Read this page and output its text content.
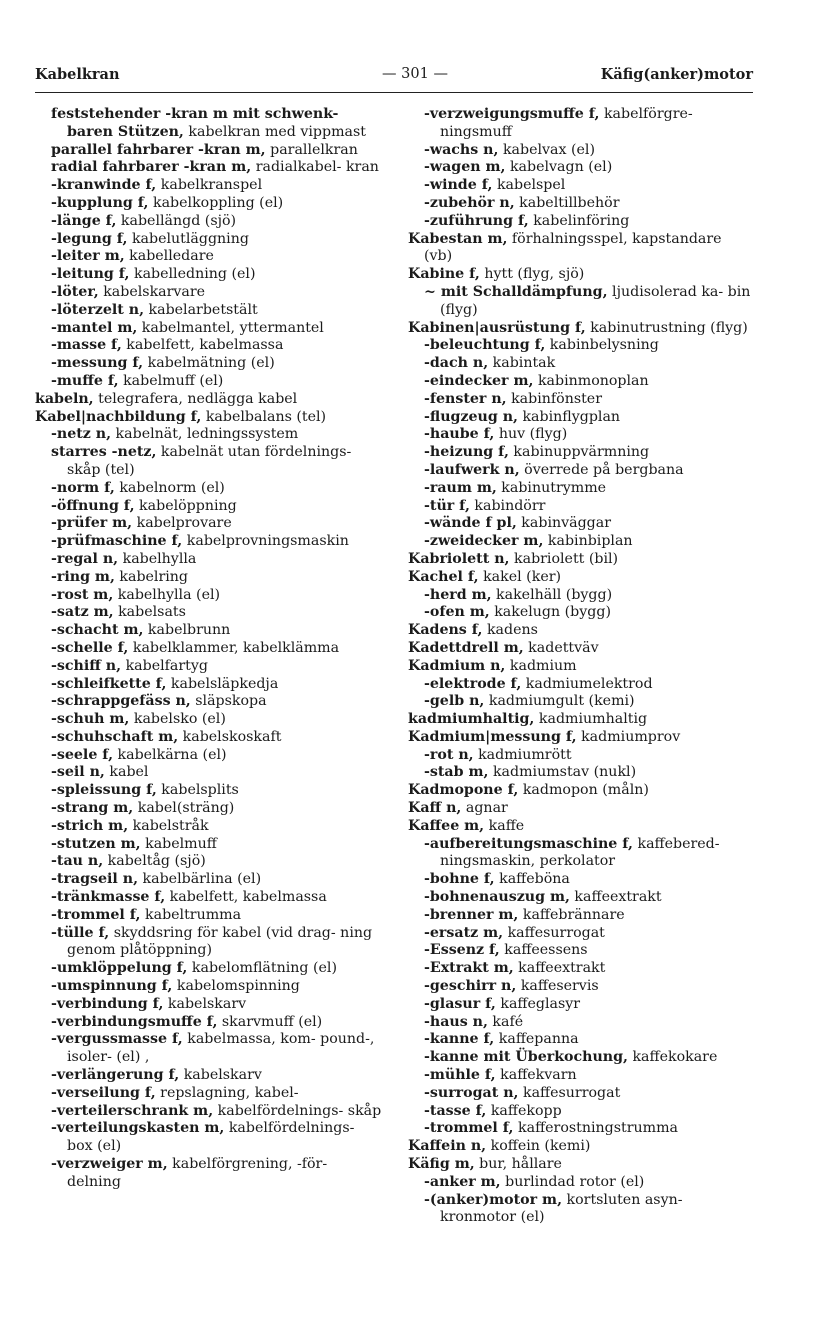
Kabelkran	— 301 —	Käfig(anker)motor

feststehender -kran m mit schwenk- baren Stützen, kabelkran med vippmast

parallel fahrbarer -kran m, parallelkran

radial fahrbarer -kran m, radialkabel- kran

-kranwinde f, kabelkranspel

-kupplung f, kabelkoppling (el)

-länge f, kabellängd (sjö)

-legung f, kabelutläggning

-leiter m, kabelledare

-leitung f, kabelledning (el)

-löter, kabelskarvare

-löterzelt n, kabelarbetstält

-mantel m, kabelmantel, yttermantel

-masse f, kabelfett, kabelmassa

-messung f, kabelmätning (el)

-muffe f, kabelmuff (el)

kabeln, telegrafera, nedlägga kabel

Kabel|nachbildung f, kabelbalans (tel)

-netz n, kabelnät, ledningssystem

starres -netz, kabelnät utan fördelnings- skåp (tel)

-norm f, kabelnorm (el)

-öffnung f, kabelöppning

-prüfer m, kabelprovare

-prüfmaschine f, kabelprovningsmaskin

-regal n, kabelhylla

-ring m, kabelring

-rost m, kabelhylla (el)

-satz m, kabelsats

-schacht m, kabelbrunn

-schelle f, kabelklammer, kabelklämma

-schiff n, kabelfartyg

-schleifkette f, kabelsläpkedja

-schrappgefäss n, släpskopa

-schuh m, kabelsko (el)

-schuhschaft m, kabelskoskaft

-seele f, kabelkärna (el)

-seil n, kabel

-spleissung f, kabelsplits

-strang m, kabel(sträng)

-strich m, kabelstråk

-stutzen m, kabelmuff

-tau n, kabeltåg (sjö)

-tragseil n, kabelbärlina (el)

-tränkmasse f, kabelfett, kabelmassa

-trommel f, kabeltrumma

-tülle f, skyddsring för kabel (vid drag- ning genom plåtöppning)

-umklöppelung f, kabelomflätning (el)

-umspinnung f, kabelomspinning

-verbindung f, kabelskarv

-verbindungsmuffe f, skarvmuff (el)

-vergussmasse f, kabelmassa, kom- pound-, isoler- (el) ,

-verlängerung f, kabelskarv

-verseilung f, repslagning, kabel-

-verteilerschrank m, kabelfördelnings- skåp

-verteilungskasten m, kabelfördelnings- box (el)

-verzweiger m, kabelförgrening, -för- delning

-verzweigungsmuffe f, kabelförgre- ningsmuff

-wachs n, kabelvax (el)

-wagen m, kabelvagn (el)

-winde f, kabelspel

-zubehör n, kabeltillbehör

-zuführung f, kabelinföring

Kabestan m, förhalningsspel, kapstandare (vb)

Kabine f, hytt (flyg, sjö)

~ mit Schalldämpfung, ljudisolerad ka- bin (flyg)

Kabinen|ausrüstung f, kabinutrustning (flyg)

-beleuchtung f, kabinbelysning

-dach n, kabintak

-eindecker m, kabinmonoplan

-fenster n, kabinfönster

-flugzeug n, kabinflygplan

-haube f, huv (flyg)

-heizung f, kabinuppvärmning

-laufwerk n, överrede på bergbana

-raum m, kabinutrymme

-tür f, kabindörr

-wände f pl, kabinväggar

-zweidecker m, kabinbiplan

Kabriolett n, kabriolett (bil)

Kachel f, kakel (ker)

-herd m, kakelhäll (bygg)

-ofen m, kakelugn (bygg)

Kadens f, kadens

Kadettdrell m, kadettväv

Kadmium n, kadmium

-elektrode f, kadmiumelektrod

-gelb n, kadmiumgult (kemi)

kadmiumhaltig, kadmiumhaltig

Kadmium|messung f, kadmiumprov

-rot n, kadmiumrött

-stab m, kadmiumstav (nukl)

Kadmopone f, kadmopon (måln)

Kaff n, agnar

Kaffee m, kaffe

-aufbereitungsmaschine f, kaffebered- ningsmaskin, perkolator

-bohne f, kaffeböna

-bohnenauszug m, kaffeextrakt

-brenner m, kaffebrännare

-ersatz m, kaffesurrogat

-Essenz f, kaffeessens

-Extrakt m, kaffeextrakt

-geschirr n, kaffeservis

-glasur f, kaffeglasyr

-haus n, kafé

-kanne f, kaffepanna

-kanne mit Überkochung, kaffekokare

-mühle f, kaffekvarn

-surrogat n, kaffesurrogat

-tasse f, kaffekopp

-trommel f, kafferostningstrumma

Kaffein n, koffein (kemi)

Käfig m, bur, hållare

-anker m, burlindad rotor (el)

-(anker)motor m, kortsluten asyn- kronmotor (el)
